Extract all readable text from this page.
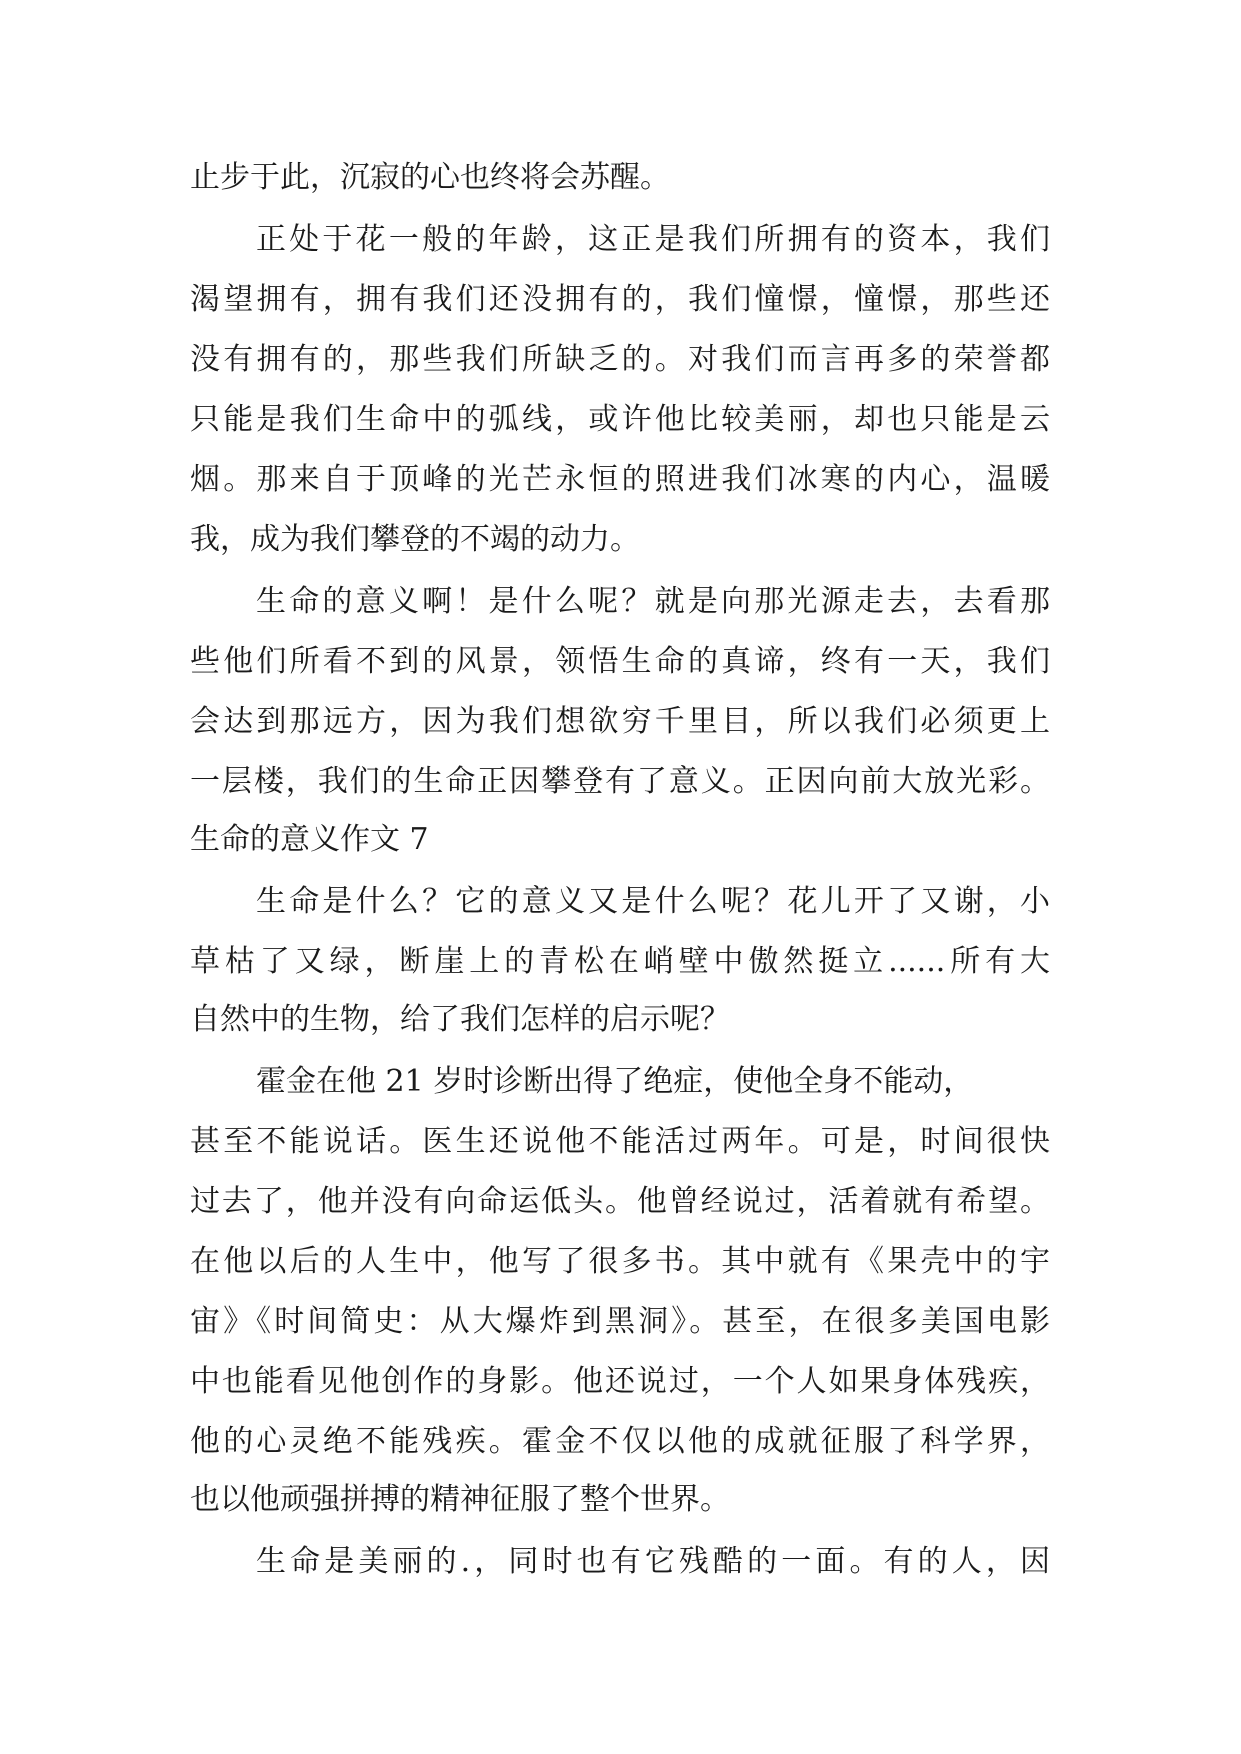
止步于此，沉寂的心也终将会苏醒。
正处于花一般的年龄，这正是我们所拥有的资本，我们
渴望拥有，拥有我们还没拥有的，我们憧憬，憧憬，那些还
没有拥有的，那些我们所缺乏的。对我们而言再多的荣誉都
只能是我们生命中的弧线，或许他比较美丽，却也只能是云
烟。那来自于顶峰的光芒永恒的照进我们冰寒的内心，温暖
我，成为我们攀登的不竭的动力。
生命的意义啊！是什么呢？就是向那光源走去，去看那
些他们所看不到的风景，领悟生命的真谛，终有一天，我们
会达到那远方，因为我们想欲穷千里目，所以我们必须更上
一层楼，我们的生命正因攀登有了意义。正因向前大放光彩。
生命的意义作文 7
生命是什么？它的意义又是什么呢？花儿开了又谢，小
草枯了又绿，断崖上的青松在峭壁中傲然挺立......所有大
自然中的生物，给了我们怎样的启示呢？
霍金在他 21 岁时诊断出得了绝症，使他全身不能动，
甚至不能说话。医生还说他不能活过两年。可是，时间很快
过去了，他并没有向命运低头。他曾经说过，活着就有希望。
在他以后的人生中，他写了很多书。其中就有《果壳中的宇
宙》《时间简史：从大爆炸到黑洞》。甚至，在很多美国电影
中也能看见他创作的身影。他还说过，一个人如果身体残疾，
他的心灵绝不能残疾。霍金不仅以他的成就征服了科学界，
也以他顽强拼搏的精神征服了整个世界。
生命是美丽的.，同时也有它残酷的一面。有的人，因
